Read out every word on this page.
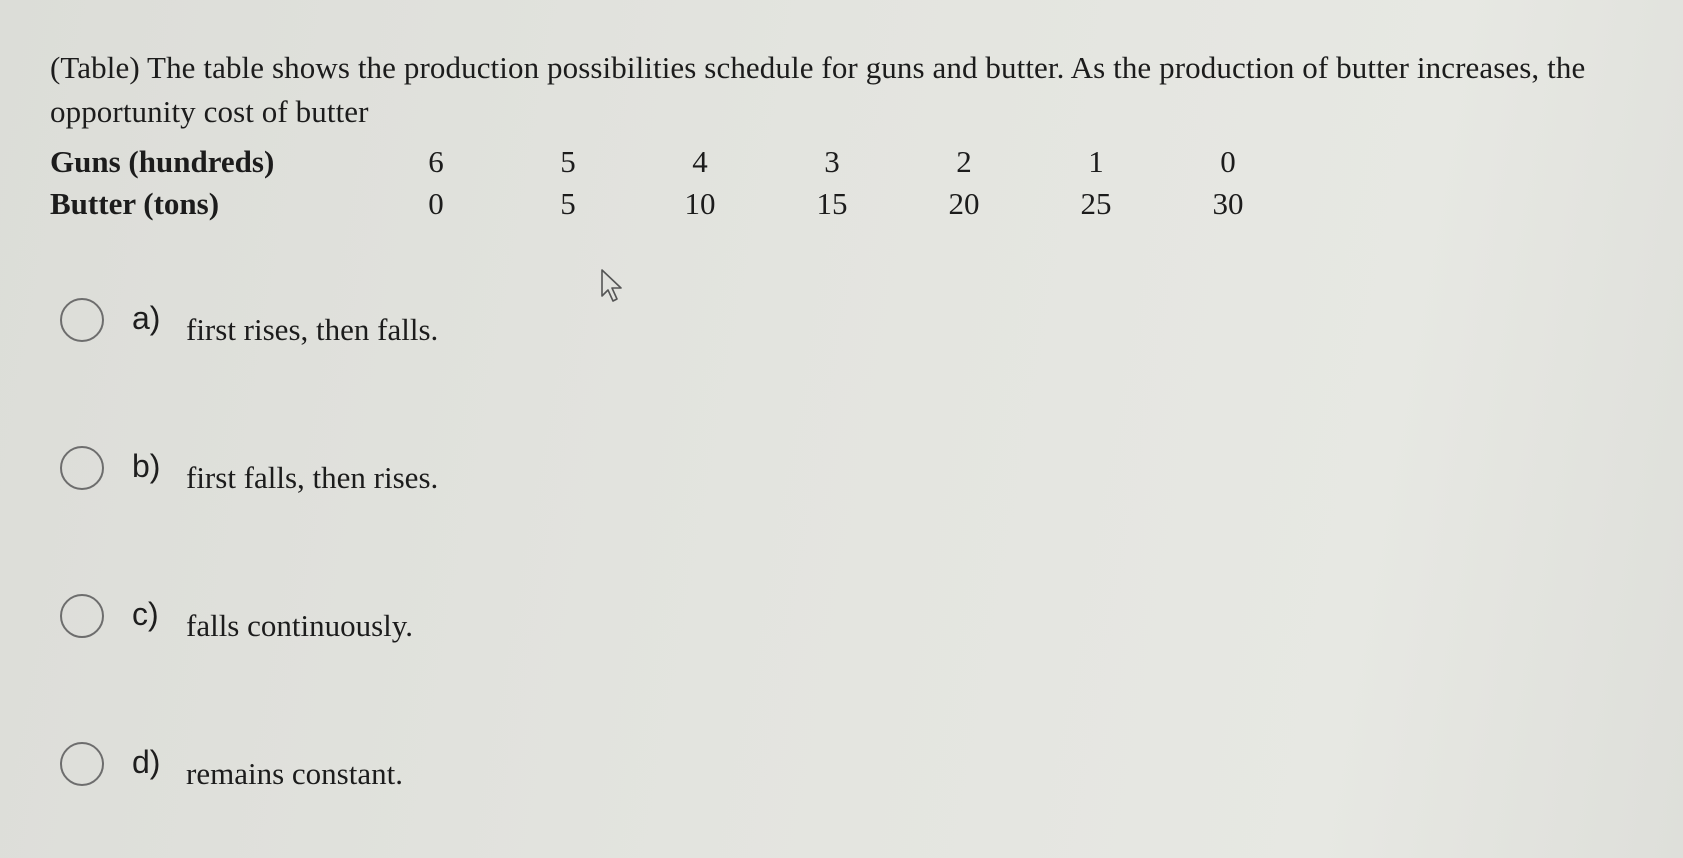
(Table) The table shows the production possibilities schedule for guns and butter. As the production of butter increases, the opportunity cost of butter
Guns (hundreds)	6	5	4	3	2	1	0
Butter (tons)	0	5	10	15	20	25	30
a) first rises, then falls.
b) first falls, then rises.
c) falls continuously.
d) remains constant.
